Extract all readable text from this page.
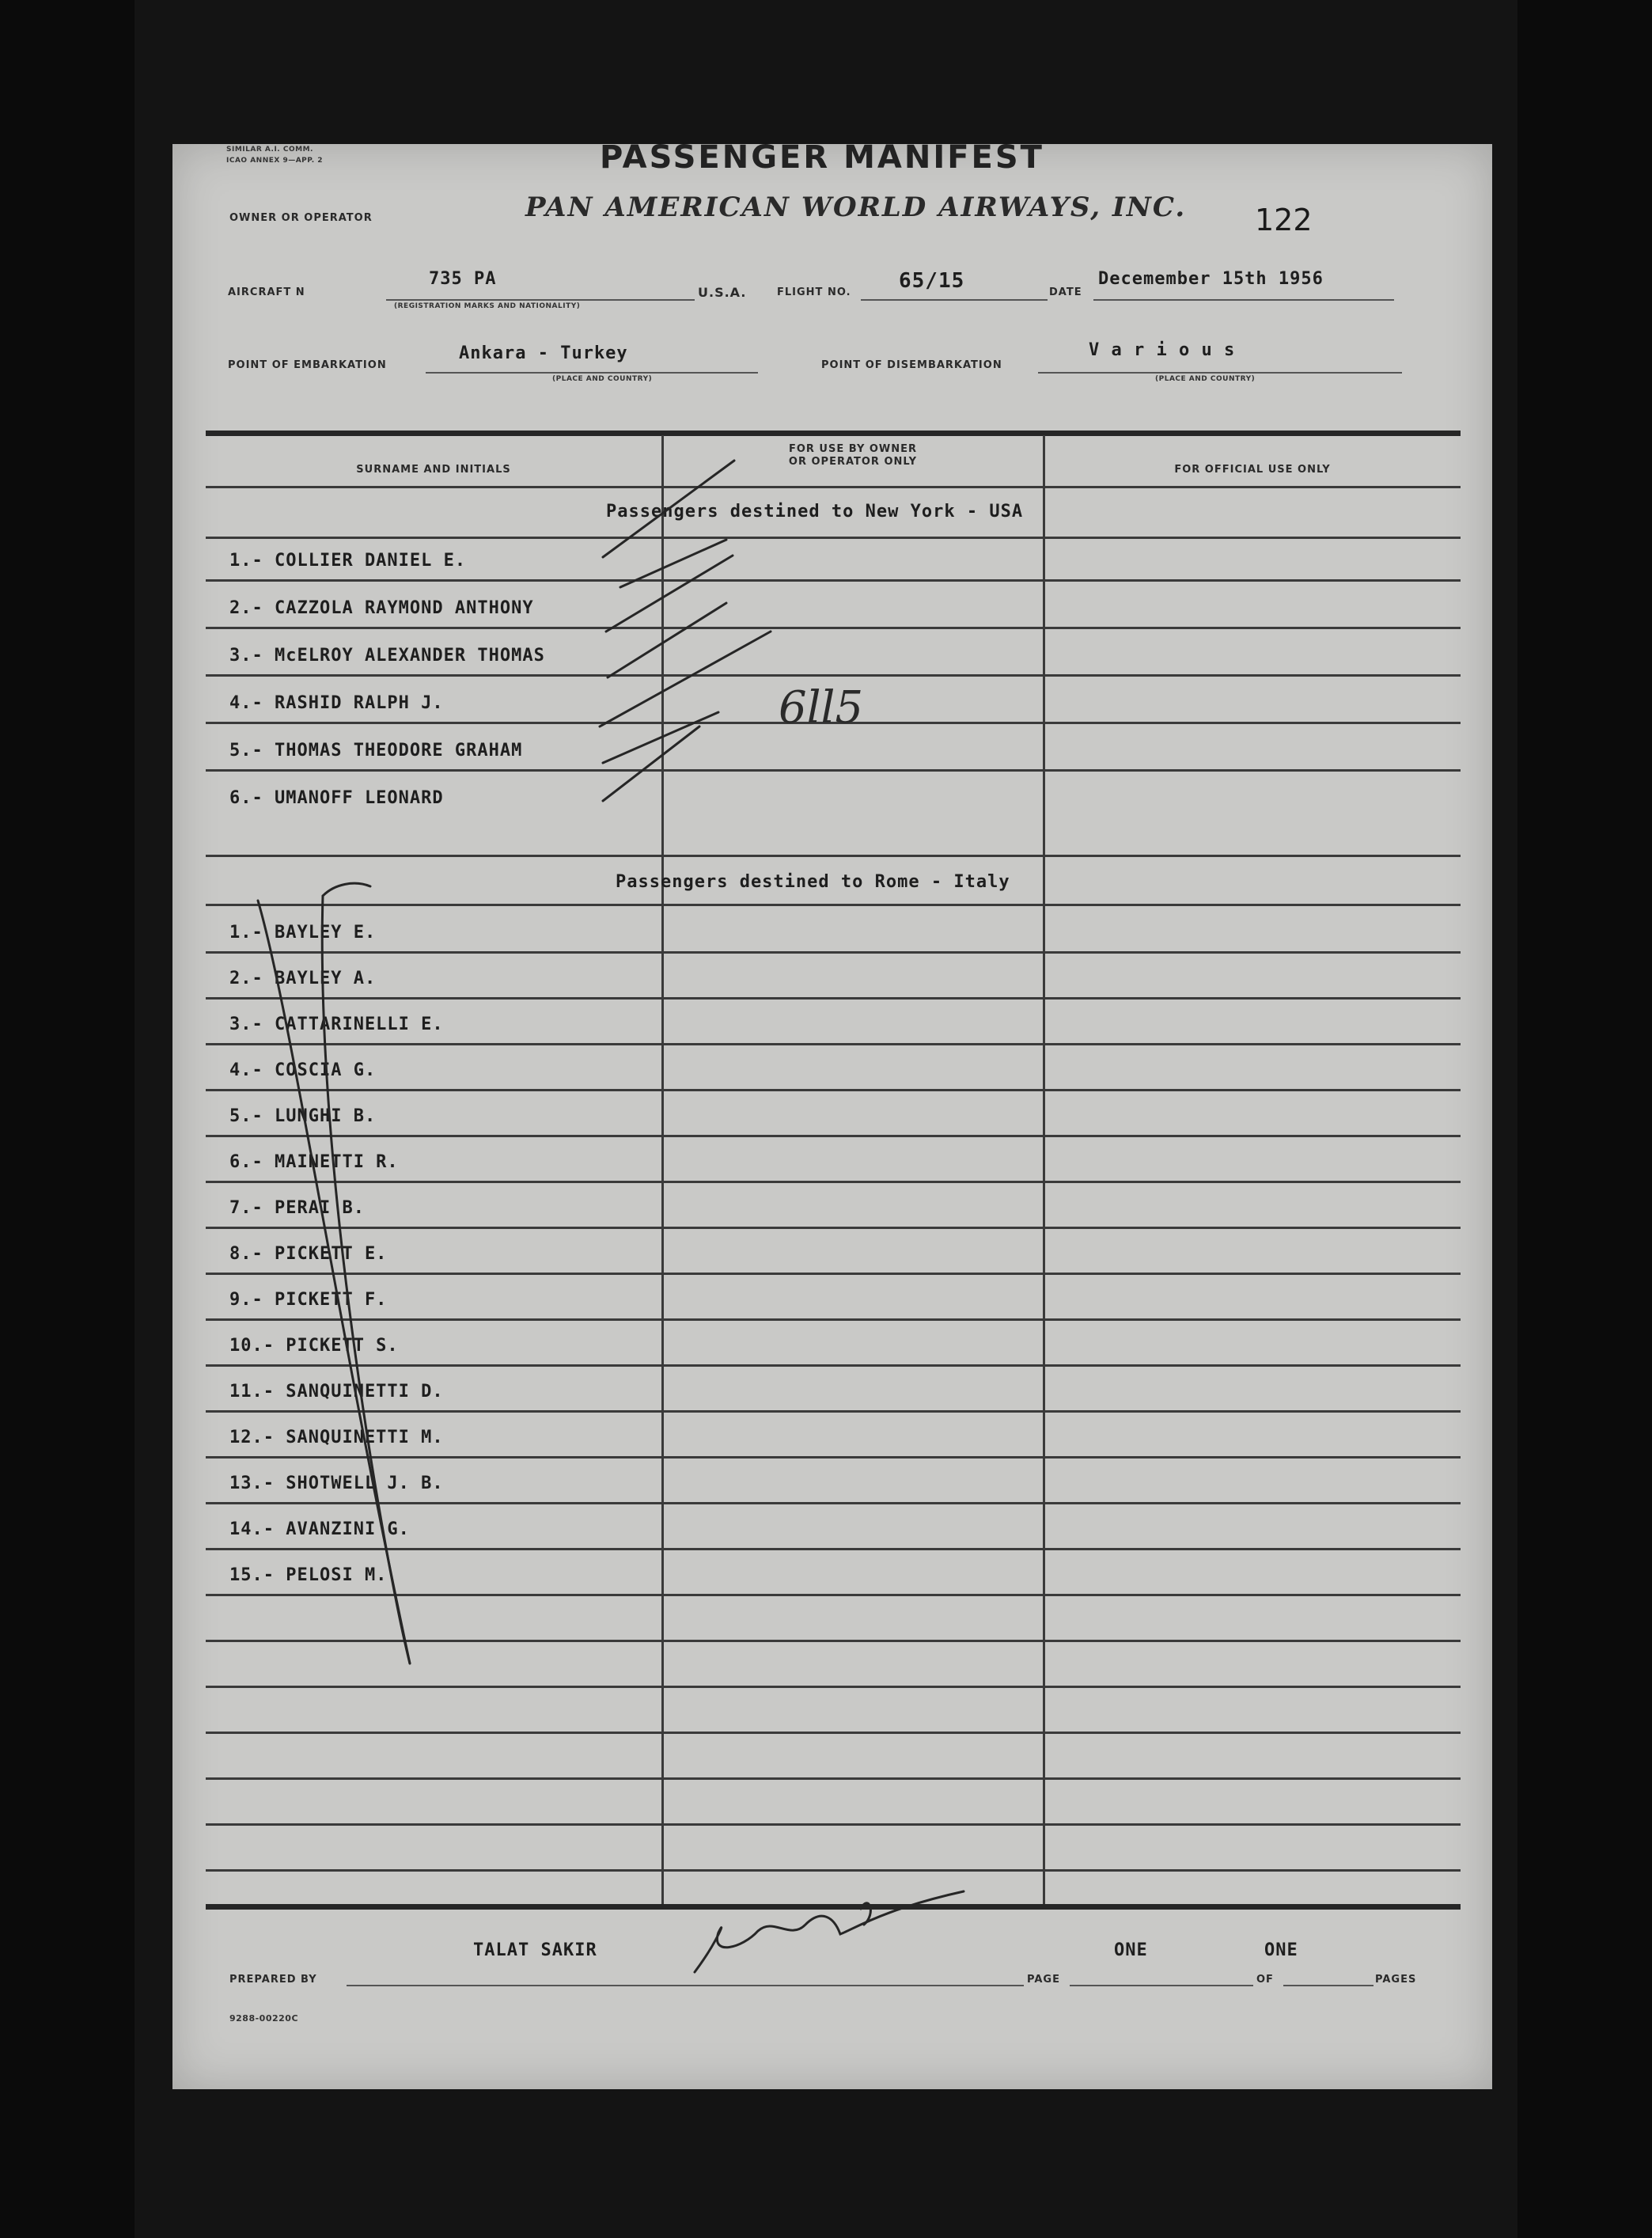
SIMILAR A.I. COMM.
ICAO ANNEX 9—APP. 2	PASSENGER MANIFEST
122
OWNER OR OPERATOR	PAN AMERICAN WORLD AIRWAYS, INC.
AIRCRAFT N
735 PA
(REGISTRATION MARKS AND NATIONALITY)
U.S.A.	FLIGHT NO. 65/15	DATE
Decemember 15th 1956
POINT OF EMBARKATION
Ankara - Turkey
(PLACE AND COUNTRY)
POINT OF DISEMBARKATION
V a r i o u s
(PLACE AND COUNTRY)
SURNAME AND INITIALS
FOR USE BY OWNER
OR OPERATOR ONLY
FOR OFFICIAL USE ONLY
Passengers destined to New York - USA
1.- COLLIER DANIEL E.
2.- CAZZOLA RAYMOND ANTHONY
3.- McELROY ALEXANDER THOMAS
4.- RASHID RALPH J.
5.- THOMAS THEODORE GRAHAM
6.- UMANOFF LEONARD
6ll5
Passengers destined to Rome - Italy
1.- BAYLEY E.
2.- BAYLEY A.
3.- CATTARINELLI E.
4.- COSCIA G.
5.- LUNGHI B.
6.- MAINETTI R.
7.- PERAI B.
8.- PICKETT E.
9.- PICKETT F.
10.- PICKETT S.
11.- SANQUINETTI D.
12.- SANQUINETTI M.
13.- SHOTWELL J. B.
14.- AVANZINI G.
15.- PELOSI M.
TALAT SAKIR
PREPARED BY	PAGE
ONE
OF
ONE
PAGES
9288-00220C
